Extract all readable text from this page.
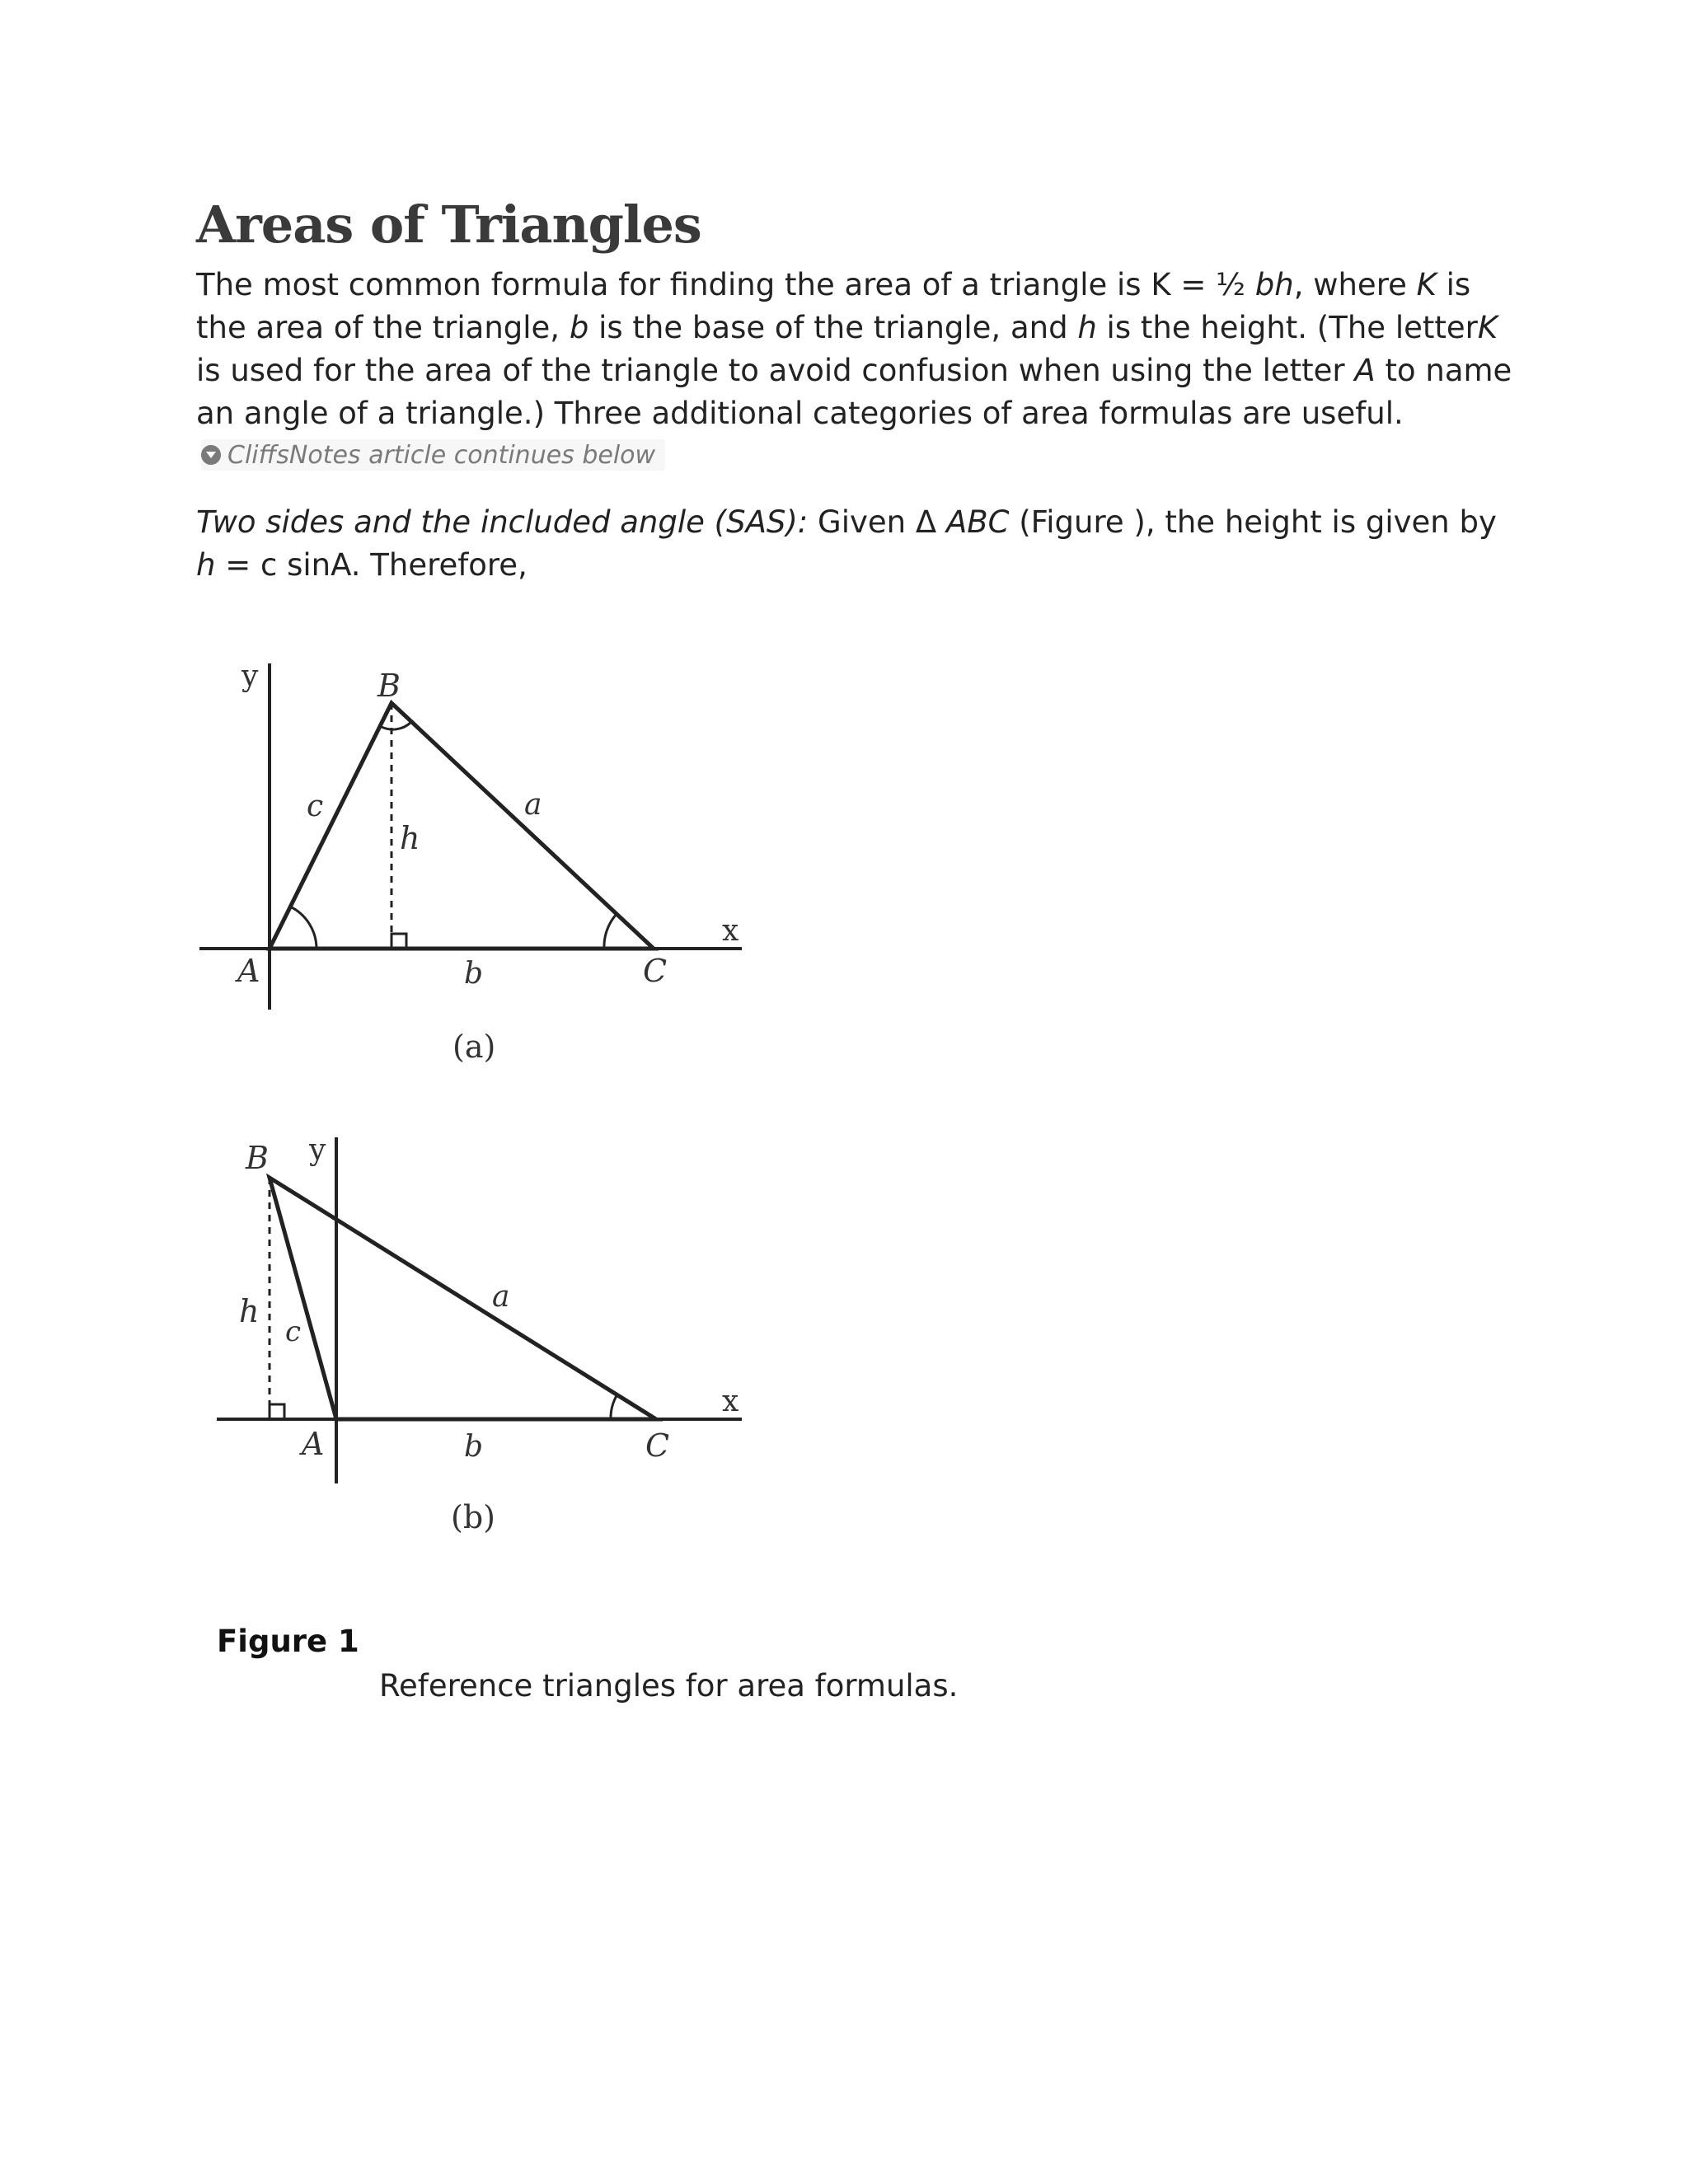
Areas of Triangles

The most common formula for finding the area of a triangle is K = ½ bh, where K is the area of the triangle, b is the base of the triangle, and h is the height. (The letterK is used for the area of the triangle to avoid confusion when using the letter A to name an angle of a triangle.) Three additional categories of area formulas are useful.

CliffsNotes article continues below

Two sides and the included angle (SAS): Given Δ ABC (Figure ), the height is given by h = c sinA. Therefore,

y	B
c
h
a
x
A	b	C
(a)
B y
a
h
c
x
A	b	C
(b)

Figure 1

Reference triangles for area formulas.
